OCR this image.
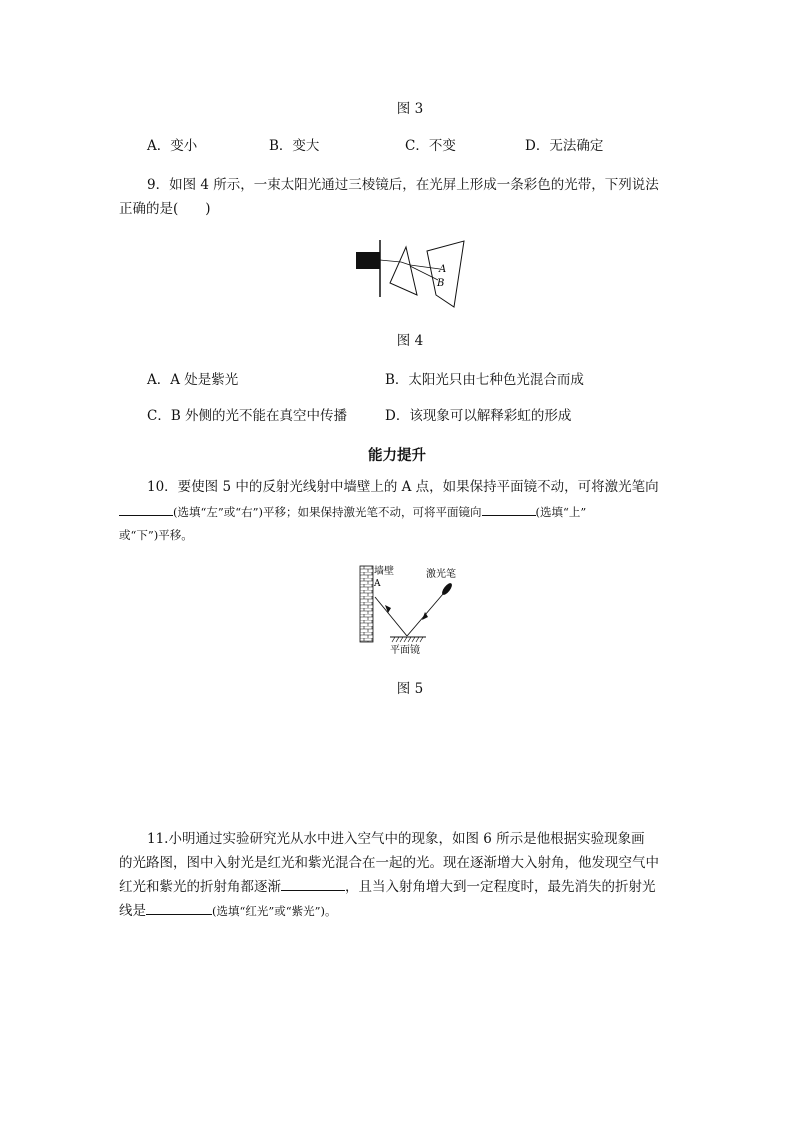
图 3
A．变小	B．变大	C．不变	D．无法确定
9．如图 4 所示，一束太阳光通过三棱镜后，在光屏上形成一条彩色的光带，下列说法
正确的是(　　)
A
B
图 4
A．A 处是紫光	B．太阳光只由七种色光混合而成
C．B 外侧的光不能在真空中传播	D．该现象可以解释彩虹的形成
能力提升
10．要使图 5 中的反射光线射中墙壁上的 A 点，如果保持平面镜不动，可将激光笔向
(选填“左”或“右”)平移；如果保持激光笔不动，可将平面镜向	(选填“上”
或“下”)平移。
墙壁
A
激光笔
平面镜
图 5
11.小明通过实验研究光从水中进入空气中的现象，如图 6 所示是他根据实验现象画
的光路图，图中入射光是红光和紫光混合在一起的光。现在逐渐增大入射角，他发现空气中
红光和紫光的折射角都逐渐	，且当入射角增大到一定程度时，最先消失的折射光
线是	(选填“红光”或“紫光”)。
